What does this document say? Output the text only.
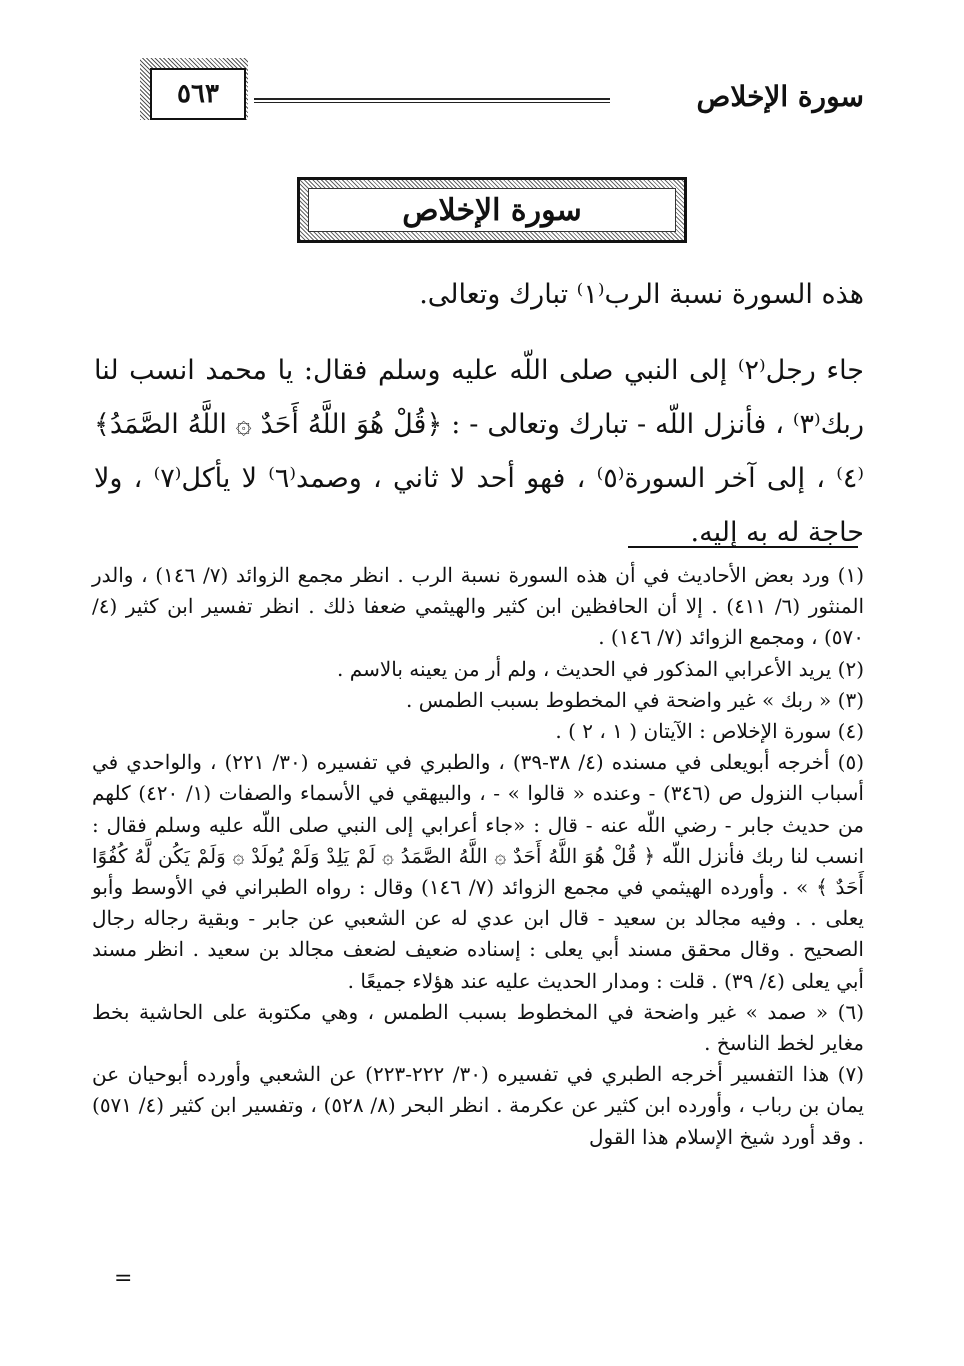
٥٦٣	سورة الإخلاص
سورة الإخلاص
هذه السورة نسبة الرب⁽١⁾ تبارك وتعالى.
جاء رجل⁽٢⁾ إلى النبي صلى اللّه عليه وسلم فقال: يا محمد انسب لنا ربك⁽٣⁾ ، فأنزل اللّه - تبارك وتعالى - : ﴿قُلْ هُوَ اللَّهُ أَحَدٌ ۞ اللَّهُ الصَّمَدُ﴾⁽٤⁾ ، إلى آخر السورة⁽٥⁾ ، فهو أحد لا ثاني ، وصمد⁽٦⁾ لا يأكل⁽٧⁾ ، ولا حاجة له به إليه.
(١) ورد بعض الأحاديث في أن هذه السورة نسبة الرب . انظر مجمع الزوائد (٧/ ١٤٦) ، والدر المنثور (٦/ ٤١١) . إلا أن الحافظين ابن كثير والهيثمي ضعفا ذلك . انظر تفسير ابن كثير (٤/ ٥٧٠) ، ومجمع الزوائد (٧/ ١٤٦) .
(٢) يريد الأعرابي المذكور في الحديث ، ولم أر من يعينه بالاسم .
(٣) « ربك » غير واضحة في المخطوط بسبب الطمس .
(٤) سورة الإخلاص : الآيتان ( ١ ، ٢ ) .
(٥) أخرجه أبويعلى في مسنده (٤/ ٣٨-٣٩) ، والطبري في تفسيره (٣٠/ ٢٢١) ، والواحدي في أسباب النزول ص (٣٤٦) - وعنده « قالوا » - ، والبيهقي في الأسماء والصفات (١/ ٤٢٠) كلهم من حديث جابر - رضي اللّه عنه - قال : «جاء أعرابي إلى النبي صلى اللّه عليه وسلم فقال : انسب لنا ربك فأنزل اللّه ﴿ قُلْ هُوَ اللَّهُ أَحَدٌ ۞ اللَّهُ الصَّمَدُ ۞ لَمْ يَلِدْ وَلَمْ يُولَدْ ۞ وَلَمْ يَكُن لَّهُ كُفُوًا أَحَدٌ ﴾ » . وأورده الهيثمي في مجمع الزوائد (٧/ ١٤٦) وقال : رواه الطبراني في الأوسط وأبو يعلى . . وفيه مجالد بن سعيد - قال ابن عدي له عن الشعبي عن جابر - وبقية رجاله رجال الصحيح . وقال محقق مسند أبي يعلى : إسناده ضعيف لضعف مجالد بن سعيد . انظر مسند أبي يعلى (٤/ ٣٩) . قلت : ومدار الحديث عليه عند هؤلاء جميعًا .
(٦) « صمد » غير واضحة في المخطوط بسبب الطمس ، وهي مكتوبة على الحاشية بخط مغاير لخط الناسخ .
(٧) هذا التفسير أخرجه الطبري في تفسيره (٣٠/ ٢٢٢-٢٢٣) عن الشعبي وأورده أبوحيان عن يمان بن رباب ، وأورده ابن كثير عن عكرمة . انظر البحر (٨/ ٥٢٨) ، وتفسير ابن كثير (٤/ ٥٧١) . وقد أورد شيخ الإسلام هذا القول
=
